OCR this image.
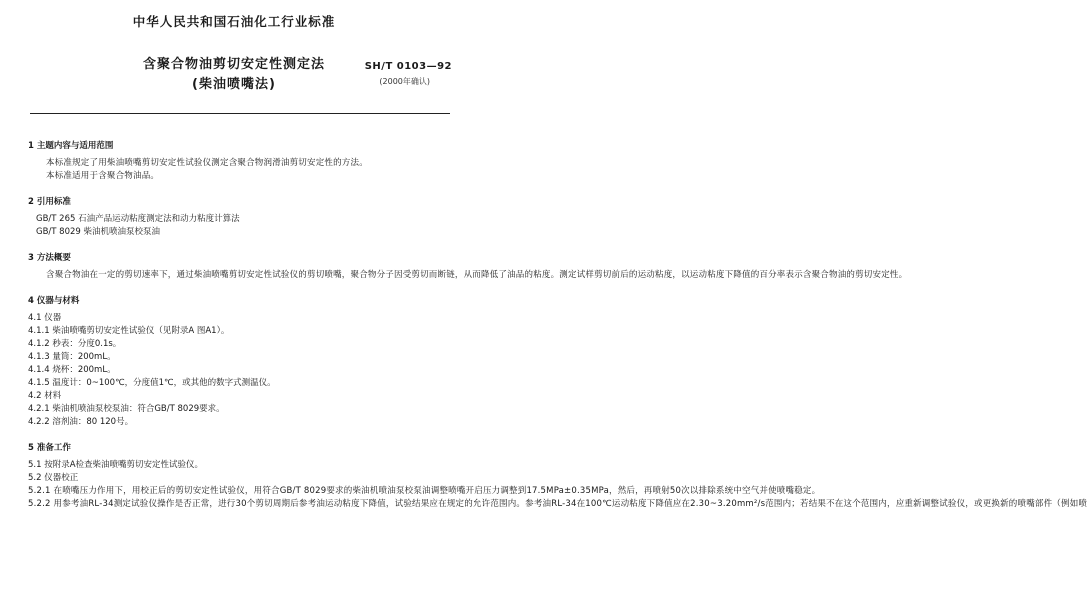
中华人民共和国石油化工行业标准
SH/T 0103—92
(2000年确认)
含聚合物油剪切安定性测定法
(柴油喷嘴法)
1 主题内容与适用范围
本标准规定了用柴油喷嘴剪切安定性试验仪测定含聚合物润滑油剪切安定性的方法。
本标准适用于含聚合物油品。
2 引用标准
GB/T 265 石油产品运动粘度测定法和动力粘度计算法
GB/T 8029 柴油机喷油泵校泵油
3 方法概要
含聚合物油在一定的剪切速率下，通过柴油喷嘴剪切安定性试验仪的剪切喷嘴，聚合物分子因受剪切而断链，从而降低了油品的粘度。测定试样剪切前后的运动粘度，以运动粘度下降值的百分率表示含聚合物油的剪切安定性。
4 仪器与材料
4.1 仪器
4.1.1 柴油喷嘴剪切安定性试验仪（见附录A 图A1）。
4.1.2 秒表：分度0.1s。
4.1.3 量筒：200mL。
4.1.4 烧杯：200mL。
4.1.5 温度计：0~100℃，分度值1℃，或其他的数字式测温仪。
4.2 材料
4.2.1 柴油机喷油泵校泵油：符合GB/T 8029要求。
4.2.2 溶剂油：80 120号。
5 准备工作
5.1 按附录A检查柴油喷嘴剪切安定性试验仪。
5.2 仪器校正
5.2.1 在喷嘴压力作用下，用校正后的剪切安定性试验仪，用符合GB/T 8029要求的柴油机喷油泵校泵油调整喷嘴开启压力调整到17.5MPa±0.35MPa，然后，再喷射50次以排除系统中空气并使喷嘴稳定。
5.2.2 用参考油RL-34测定试验仪操作是否正常，进行30个剪切周期后参考油运动粘度下降值，试验结果应在规定的允许范围内。参考油RL-34在100℃运动粘度下降值应在2.30~3.20mm²/s范围内；若结果不在这个范围内，应重新调整试验仪，或更换新的喷嘴部件（例如喷
